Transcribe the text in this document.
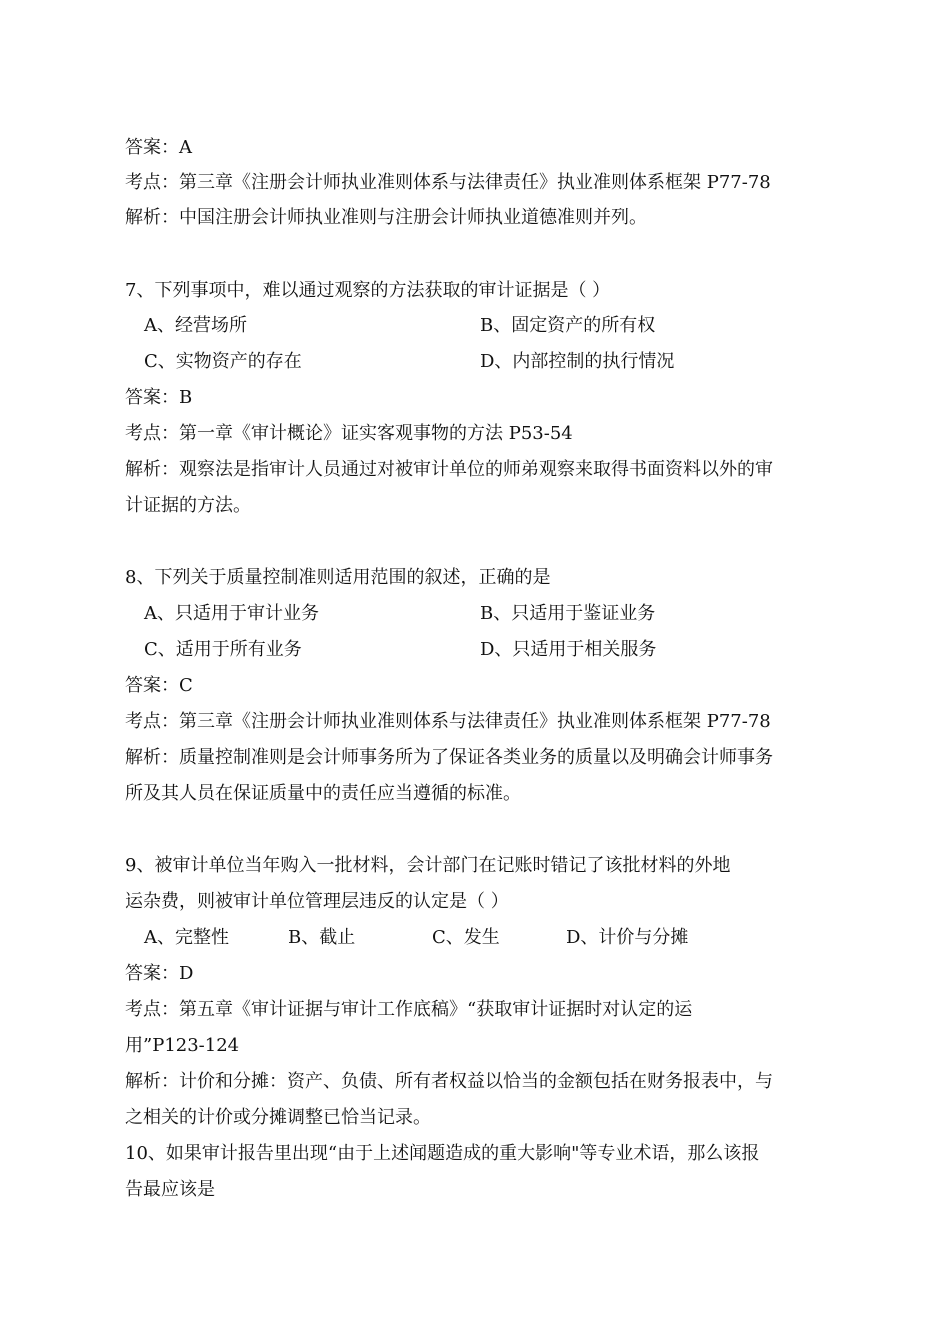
答案：A
考点：第三章《注册会计师执业准则体系与法律责任》执业准则体系框架 P77-78
解析：中国注册会计师执业准则与注册会计师执业道德准则并列。
7、下列事项中，难以通过观察的方法获取的审计证据是（ ）
A、经营场所	B、固定资产的所有权
C、实物资产的存在	D、内部控制的执行情况
答案：B
考点：第一章《审计概论》证实客观事物的方法 P53-54
解析：观察法是指审计人员通过对被审计单位的师弟观察来取得书面资料以外的审
计证据的方法。
8、下列关于质量控制准则适用范围的叙述，正确的是
A、只适用于审计业务	B、只适用于鉴证业务
C、适用于所有业务	D、只适用于相关服务
答案：C
考点：第三章《注册会计师执业准则体系与法律责任》执业准则体系框架 P77-78
解析：质量控制准则是会计师事务所为了保证各类业务的质量以及明确会计师事务
所及其人员在保证质量中的责任应当遵循的标准。
9、被审计单位当年购入一批材料，会计部门在记账时错记了该批材料的外地
运杂费，则被审计单位管理层违反的认定是（ ）
A、完整性	B、截止	C、发生	D、计价与分摊
答案：D
考点：第五章《审计证据与审计工作底稿》“获取审计证据时对认定的运
用”P123-124
解析：计价和分摊：资产、负债、所有者权益以恰当的金额包括在财务报表中，与
之相关的计价或分摊调整已恰当记录。
10、如果审计报告里出现“由于上述闻题造成的重大影响"等专业术语，那么该报
告最应该是
